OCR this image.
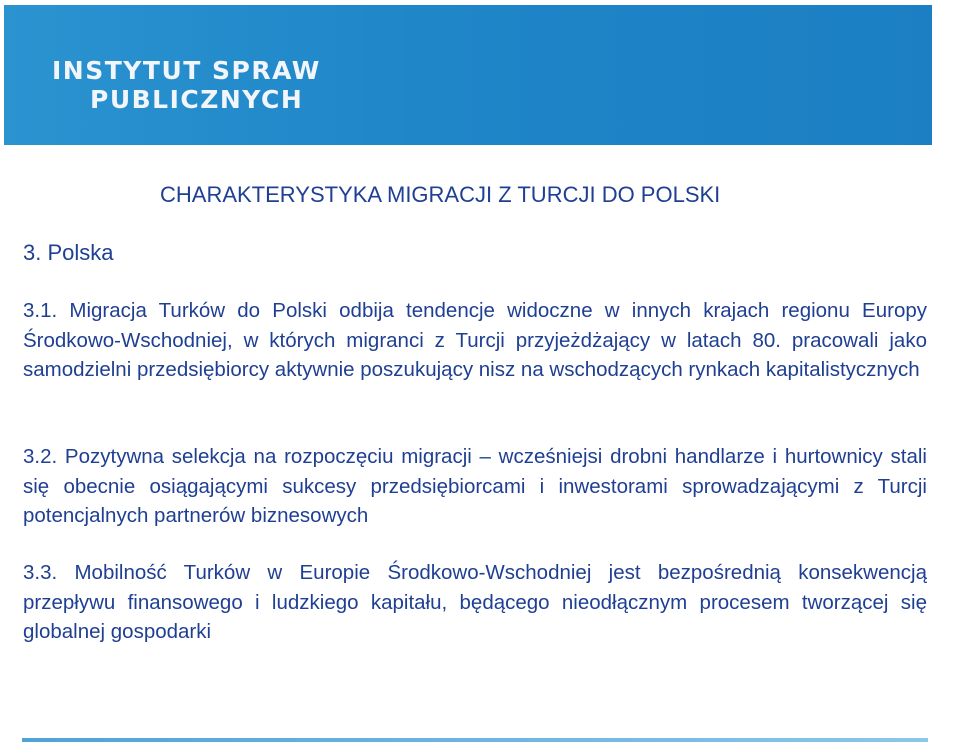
INSTYTUT SPRAW
PUBLICZNYCH
CHARAKTERYSTYKA MIGRACJI Z TURCJI DO POLSKI
3. Polska

3.1. Migracja Turków do Polski odbija tendencje widoczne w innych krajach regionu Europy Środkowo-Wschodniej, w których migranci z Turcji przyjeżdżający w latach 80. pracowali jako samodzielni przedsiębiorcy aktywnie poszukujący nisz na wschodzących rynkach kapitalistycznych

3.2. Pozytywna selekcja na rozpoczęciu migracji – wcześniejsi drobni handlarze i hurtownicy stali się obecnie osiągającymi sukcesy przedsiębiorcami i inwestorami sprowadzającymi z Turcji potencjalnych partnerów biznesowych

3.3. Mobilność Turków w Europie Środkowo-Wschodniej jest bezpośrednią konsekwencją przepływu finansowego i ludzkiego kapitału, będącego nieodłącznym procesem tworzącej się globalnej gospodarki
